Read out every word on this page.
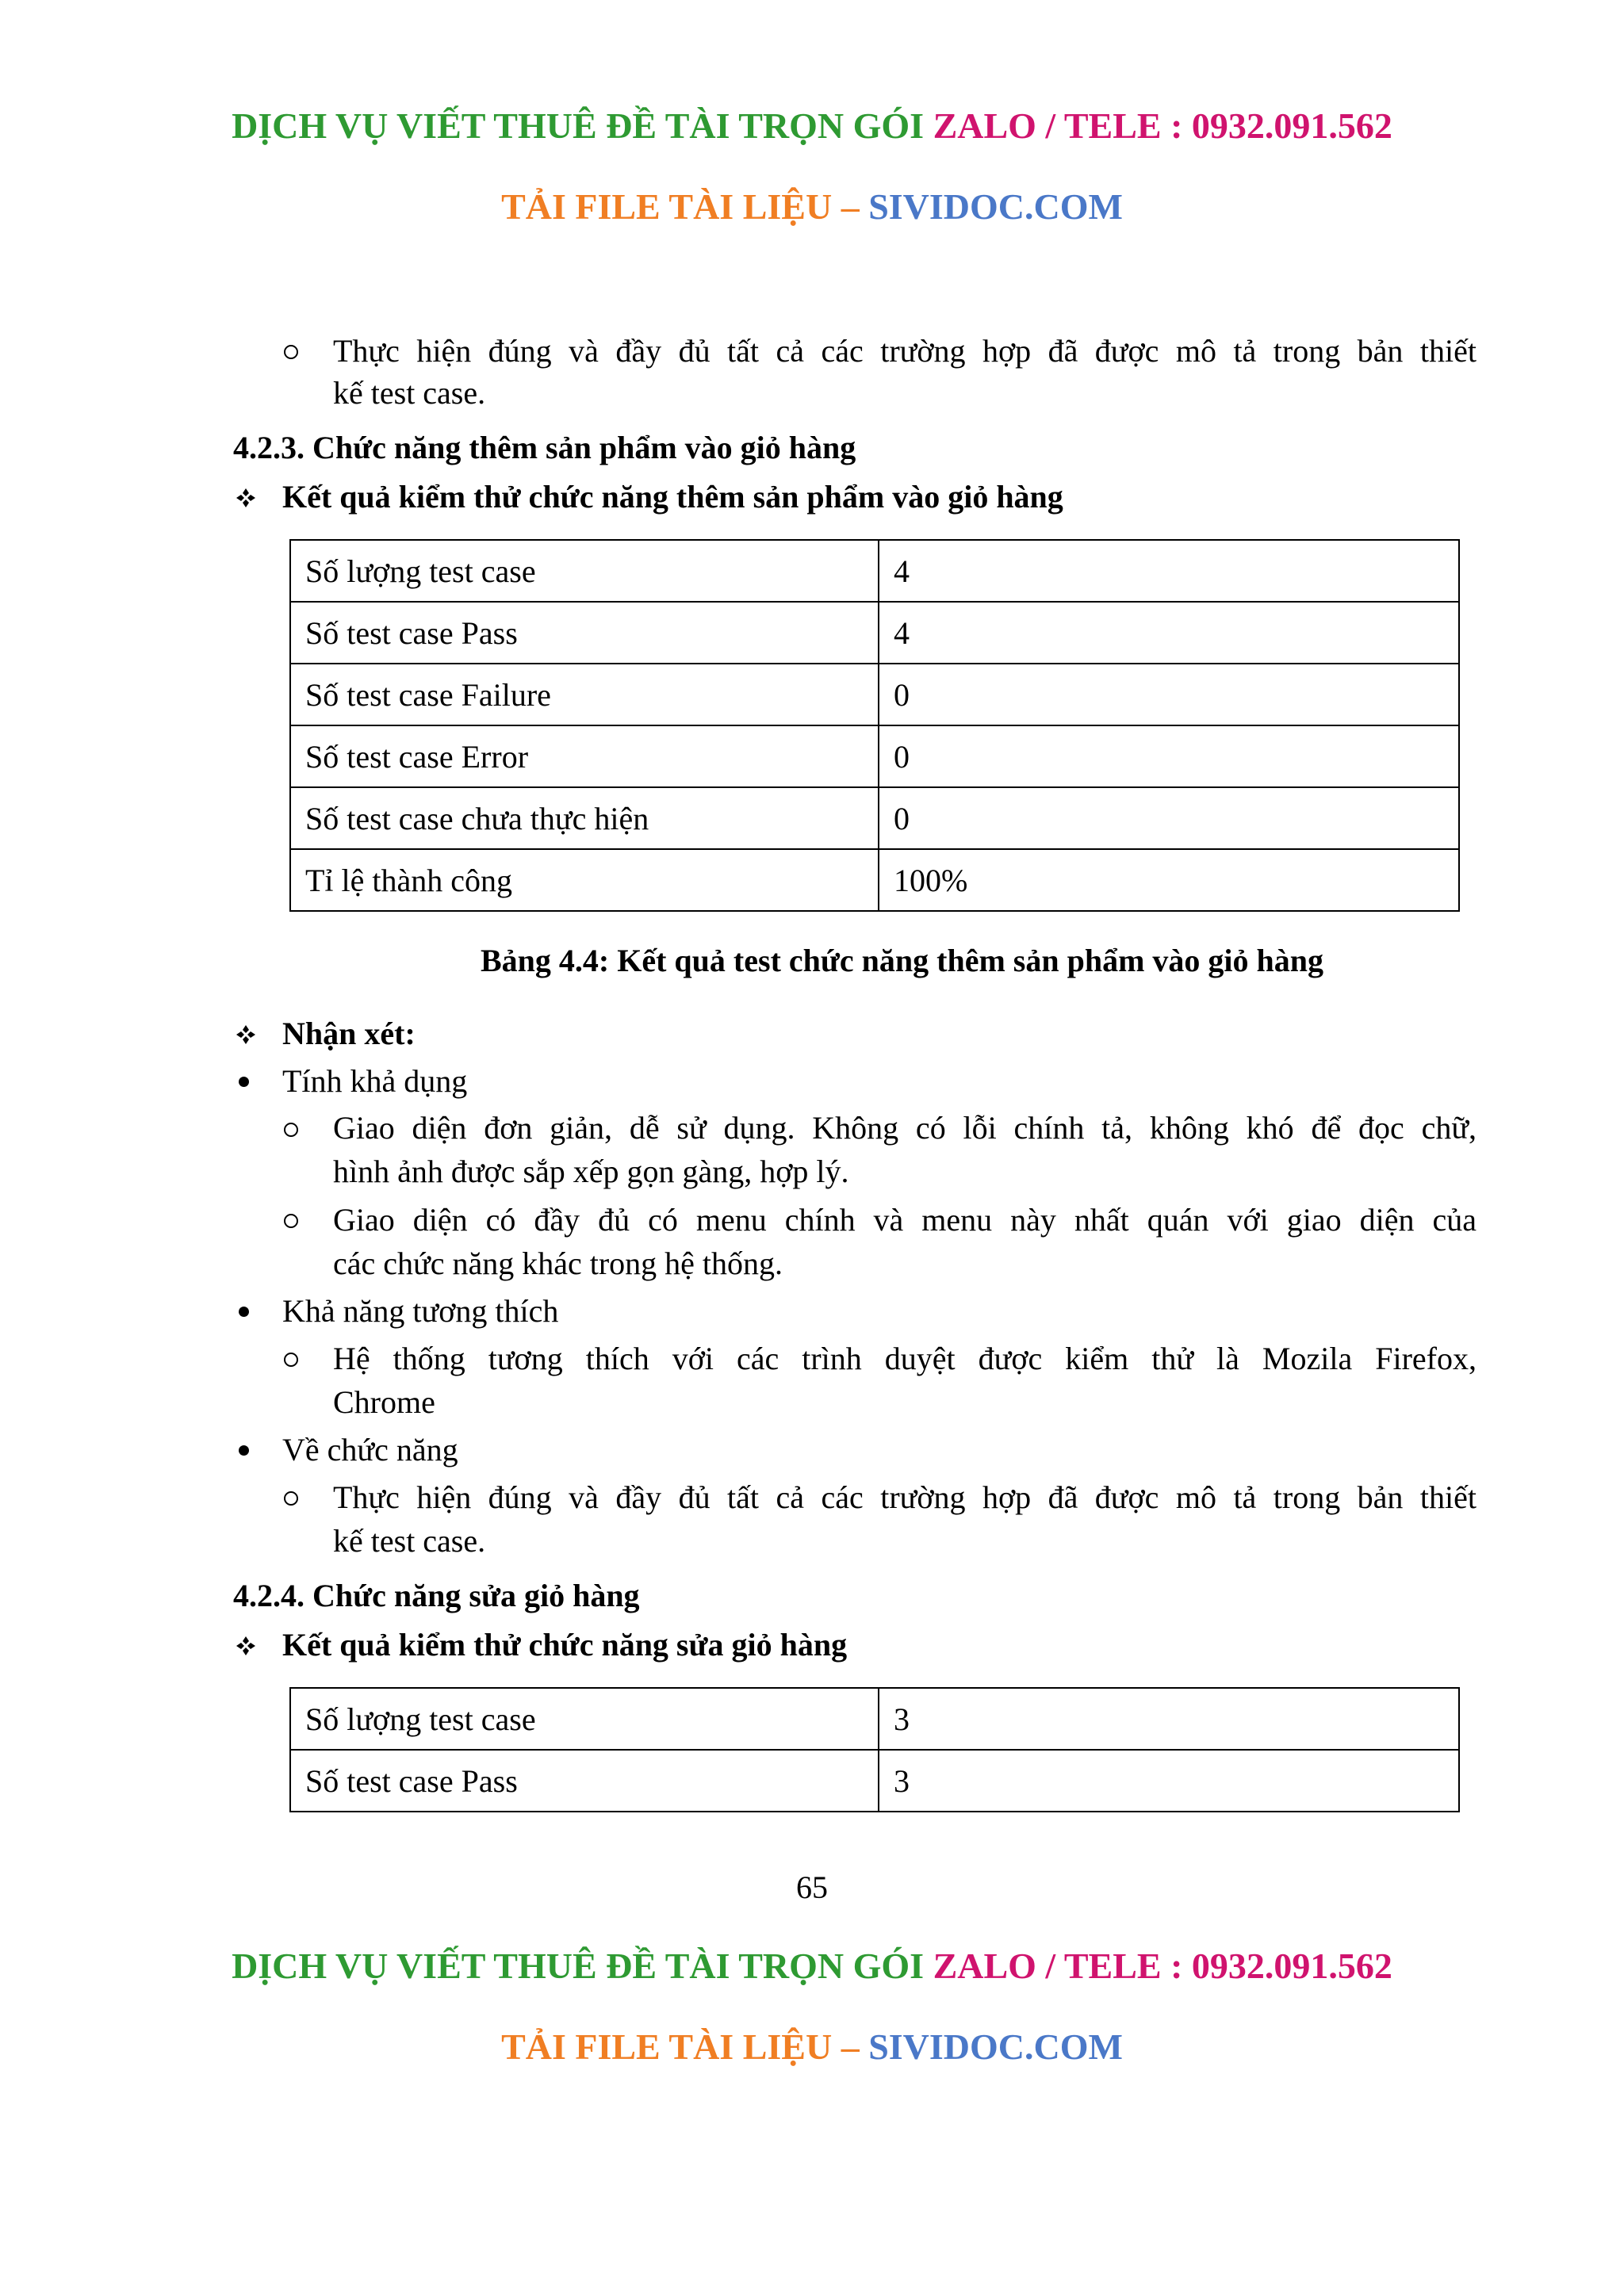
DỊCH VỤ VIẾT THUÊ ĐỀ TÀI TRỌN GÓI ZALO / TELE : 0932.091.562
TẢI FILE TÀI LIỆU – SIVIDOC.COM
Thực hiện đúng và đầy đủ tất cả các trường hợp đã được mô tả trong bản thiết
kế test case.
4.2.3. Chức năng thêm sản phẩm vào giỏ hàng
Kết quả kiểm thử chức năng thêm sản phẩm vào giỏ hàng
Số lượng test case	4
Số test case Pass	4
Số test case Failure	0
Số test case Error	0
Số test case chưa thực hiện	0
Tỉ lệ thành công	100%
Bảng 4.4: Kết quả test chức năng thêm sản phẩm vào giỏ hàng
Nhận xét:
Tính khả dụng
Giao diện đơn giản, dễ sử dụng. Không có lỗi chính tả, không khó để đọc chữ,
hình ảnh được sắp xếp gọn gàng, hợp lý.
Giao diện có đầy đủ có menu chính và menu này nhất quán với giao diện của
các chức năng khác trong hệ thống.
Khả năng tương thích
Hệ thống tương thích với các trình duyệt được kiểm thử là Mozila Firefox,
Chrome
Về chức năng
Thực hiện đúng và đầy đủ tất cả các trường hợp đã được mô tả trong bản thiết
kế test case.
4.2.4. Chức năng sửa giỏ hàng
Kết quả kiểm thử chức năng sửa giỏ hàng
Số lượng test case	3
Số test case Pass	3
65
DỊCH VỤ VIẾT THUÊ ĐỀ TÀI TRỌN GÓI ZALO / TELE : 0932.091.562
TẢI FILE TÀI LIỆU – SIVIDOC.COM
